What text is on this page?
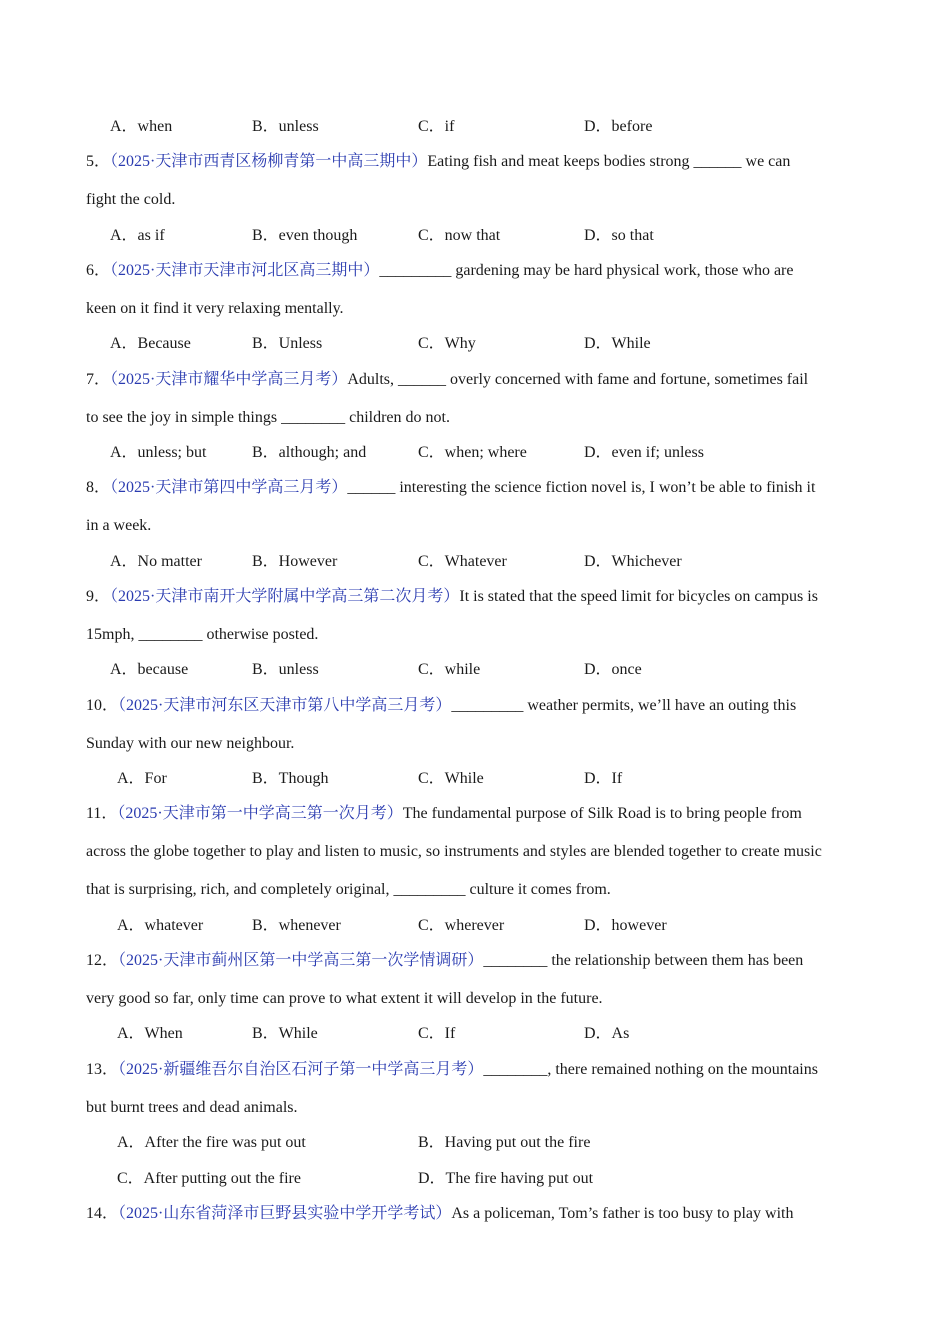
A．when	B．unless	C．if	D．before
5．（2025·天津市西青区杨柳青第一中高三期中）Eating fish and meat keeps bodies strong ______ we can
fight the cold.
A．as if	B．even though	C．now that	D．so that
6．（2025·天津市天津市河北区高三期中）_________ gardening may be hard physical work, those who are
keen on it find it very relaxing mentally.
A．Because	B．Unless	C．Why	D．While
7．（2025·天津市耀华中学高三月考）Adults, ______ overly concerned with fame and fortune, sometimes fail
to see the joy in simple things ________ children do not.
A．unless; but	B．although; and	C．when; where	D．even if; unless
8．（2025·天津市第四中学高三月考）______ interesting the science fiction novel is, I won’t be able to finish it
in a week.
A．No matter	B．However	C．Whatever	D．Whichever
9．（2025·天津市南开大学附属中学高三第二次月考）It is stated that the speed limit for bicycles on campus is
15mph, ________ otherwise posted.
A．because	B．unless	C．while	D．once
10．（2025·天津市河东区天津市第八中学高三月考）_________ weather permits, we’ll have an outing this
Sunday with our new neighbour.
A．For	B．Though	C．While	D．If
11．（2025·天津市第一中学高三第一次月考）The fundamental purpose of Silk Road is to bring people from
across the globe together to play and listen to music, so instruments and styles are blended together to create music
that is surprising, rich, and completely original, _________ culture it comes from.
A．whatever	B．whenever	C．wherever	D．however
12．（2025·天津市蓟州区第一中学高三第一次学情调研）________ the relationship between them has been
very good so far, only time can prove to what extent it will develop in the future.
A．When	B．While	C．If	D．As
13．（2025·新疆维吾尔自治区石河子第一中学高三月考）________, there remained nothing on the mountains
but burnt trees and dead animals.
A．After the fire was put out	B．Having put out the fire
C．After putting out the fire	D．The fire having put out
14．（2025·山东省菏泽市巨野县实验中学开学考试）As a policeman, Tom’s father is too busy to play with
